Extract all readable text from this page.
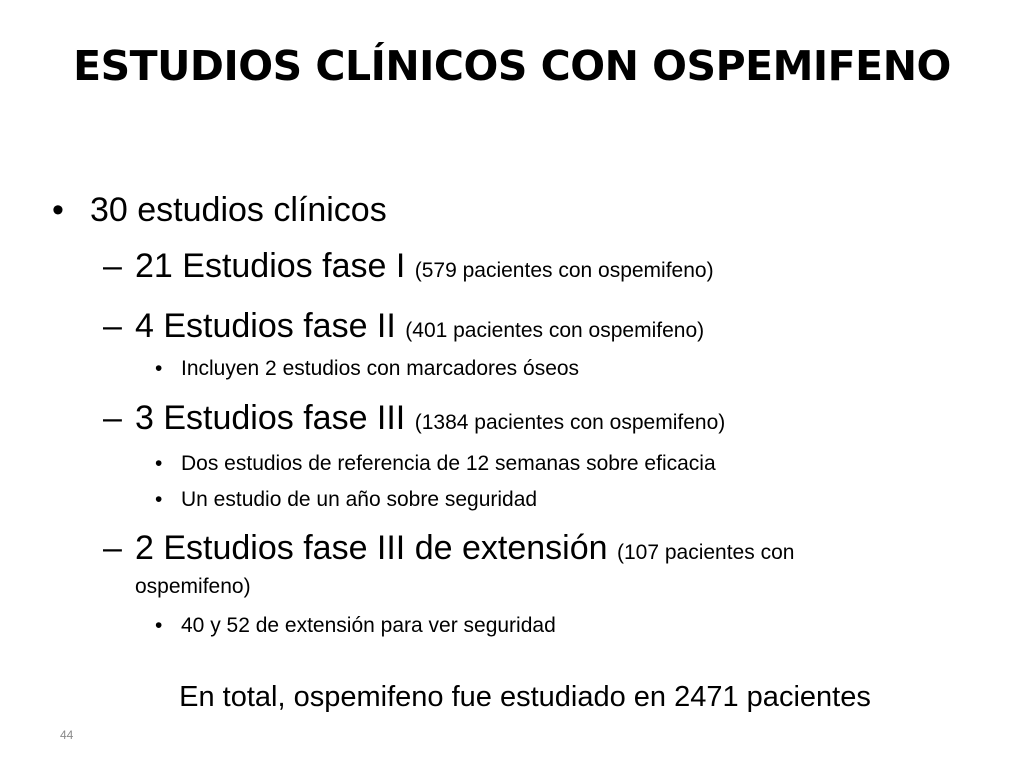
ESTUDIOS CLÍNICOS CON OSPEMIFENO
• 30 estudios clínicos
– 21 Estudios fase I (579 pacientes con ospemifeno)
– 4 Estudios fase II (401 pacientes con ospemifeno)
• Incluyen 2 estudios con marcadores óseos
– 3 Estudios fase III (1384 pacientes con ospemifeno)
• Dos estudios de referencia de 12 semanas sobre eficacia
• Un estudio de un año sobre seguridad
– 2 Estudios fase III de extensión (107 pacientes con
ospemifeno)
• 40 y 52 de extensión para ver seguridad
En total, ospemifeno fue estudiado en 2471 pacientes
44
